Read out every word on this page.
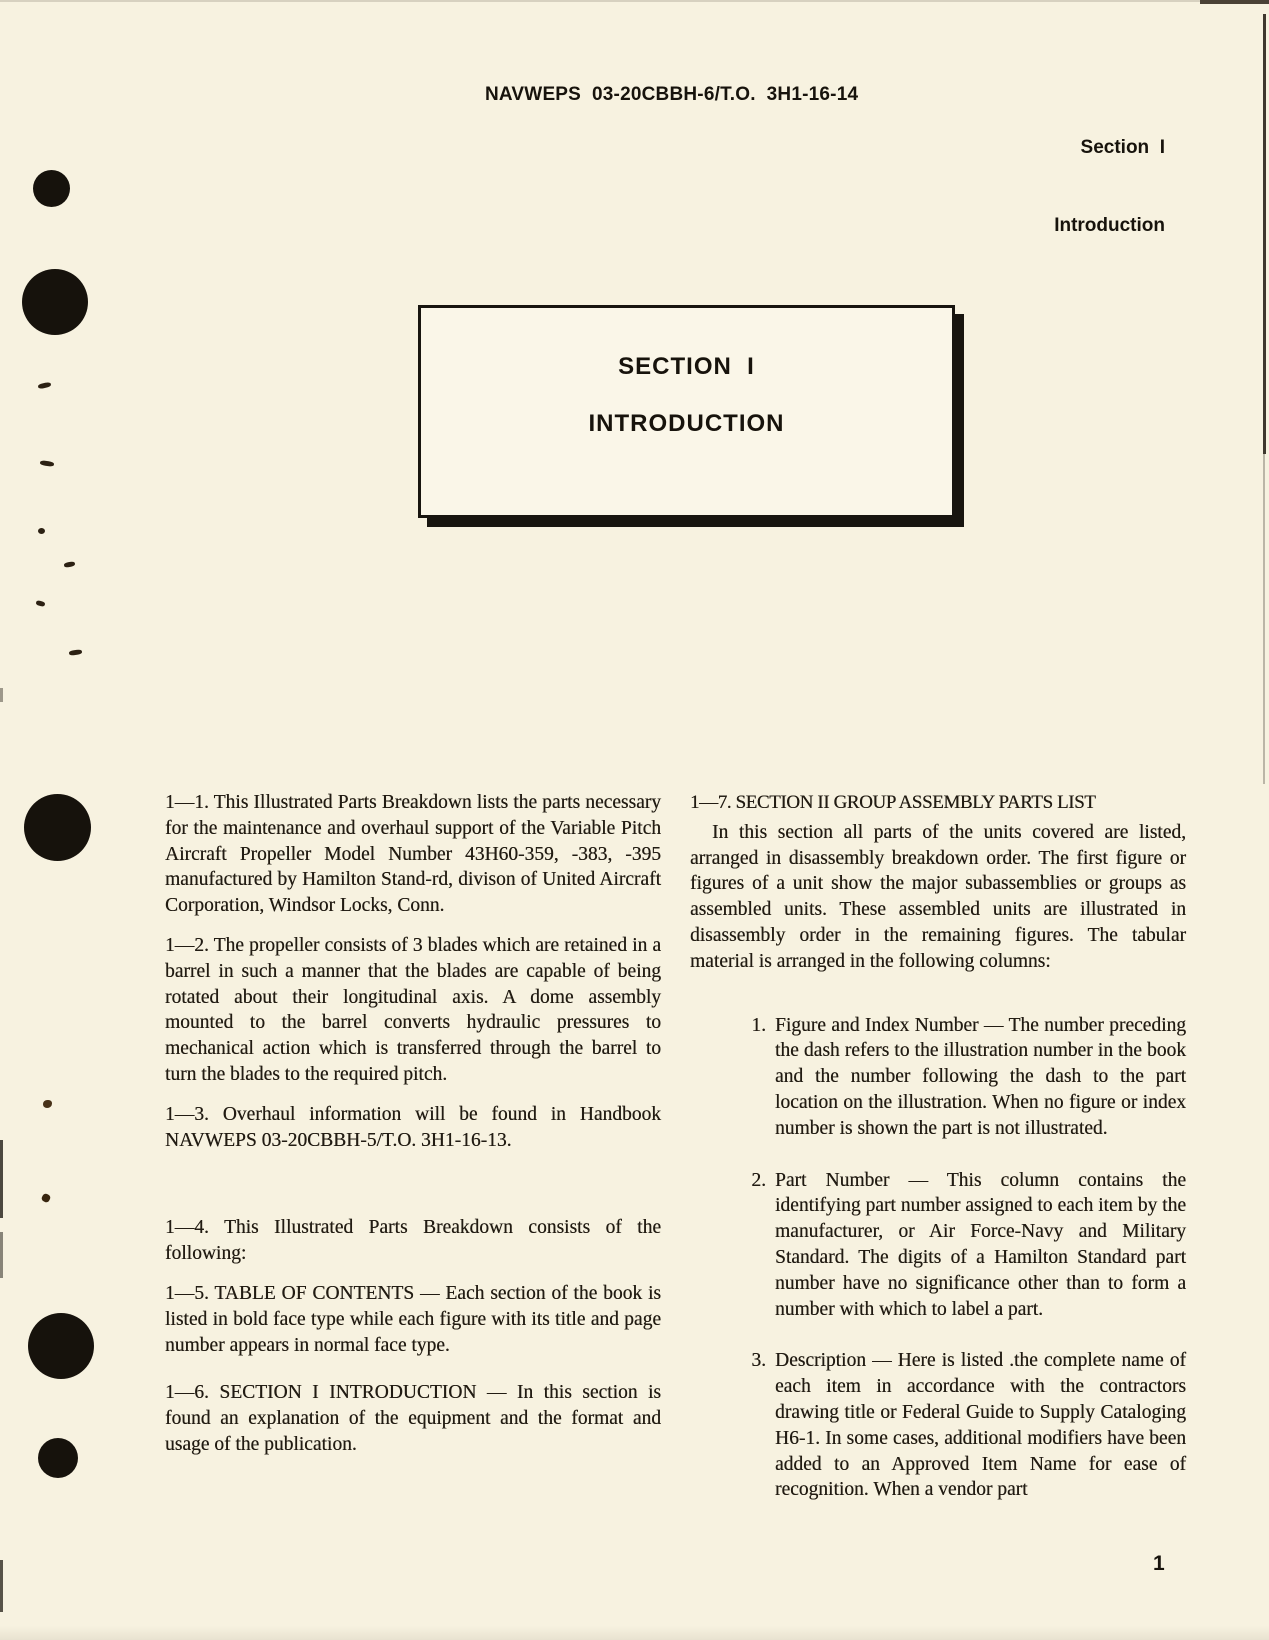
NAVWEPS  03-20CBBH-6/T.O.  3H1-16-14

Section  I

Introduction

SECTION  I
INTRODUCTION

1—1. This Illustrated Parts Breakdown lists the parts necessary for the maintenance and overhaul support of the Variable Pitch Aircraft Propeller Model Number 43H60-359, -383, -395 manufactured by Hamilton Stand-rd, divison of United Aircraft Corporation, Windsor Locks, Conn.

1—2. The propeller consists of 3 blades which are retained in a barrel in such a manner that the blades are capable of being rotated about their longitudinal axis. A dome assembly mounted to the barrel converts hydraulic pressures to mechanical action which is transferred through the barrel to turn the blades to the required pitch.

1—3. Overhaul information will be found in Handbook NAVWEPS 03-20CBBH-5/T.O. 3H1-16-13.

1—4. This Illustrated Parts Breakdown consists of the following:

1—5. TABLE OF CONTENTS — Each section of the book is listed in bold face type while each figure with its title and page number appears in normal face type.

1—6. SECTION I INTRODUCTION — In this section is found an explanation of the equipment and the format and usage of the publication.

1—7. SECTION II GROUP ASSEMBLY PARTS LIST

In this section all parts of the units covered are listed, arranged in disassembly breakdown order. The first figure or figures of a unit show the major subassemblies or groups as assembled units. These assembled units are illustrated in disassembly order in the remaining figures. The tabular material is arranged in the following columns:

1. Figure and Index Number — The number preceding the dash refers to the illustration number in the book and the number following the dash to the part location on the illustration. When no figure or index number is shown the part is not illustrated.
2. Part Number — This column contains the identifying part number assigned to each item by the manufacturer, or Air Force-Navy and Military Standard. The digits of a Hamilton Standard part number have no significance other than to form a number with which to label a part.
3. Description — Here is listed .the complete name of each item in accordance with the contractors drawing title or Federal Guide to Supply Cataloging H6-1. In some cases, additional modifiers have been added to an Approved Item Name for ease of recognition. When a vendor part
1
